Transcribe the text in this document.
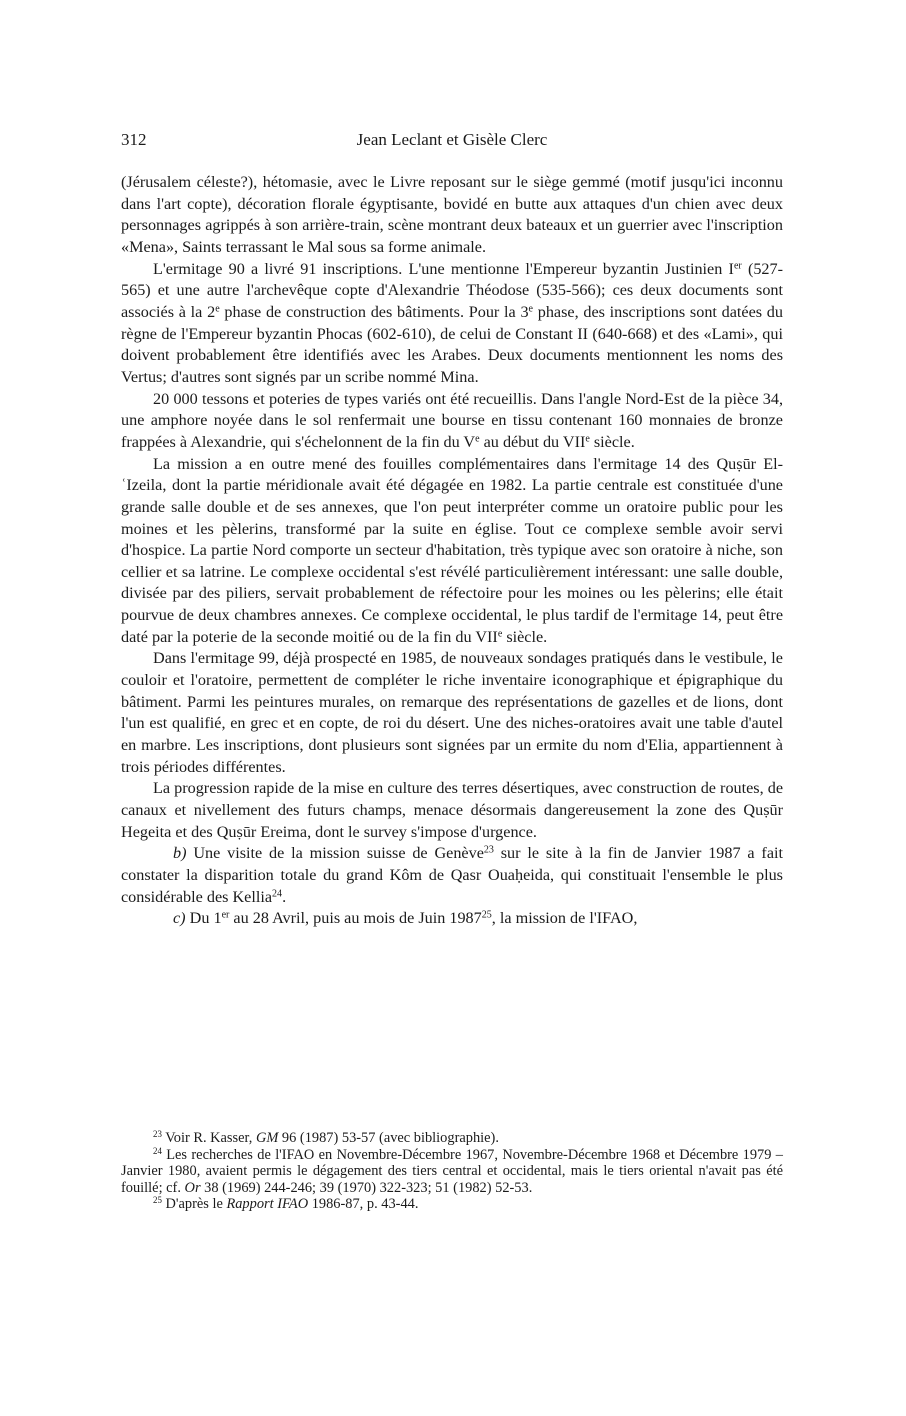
312	Jean Leclant et Gisèle Clerc

(Jérusalem céleste?), hétomasie, avec le Livre reposant sur le siège gemmé (motif jusqu'ici inconnu dans l'art copte), décoration florale égyptisante, bovidé en butte aux attaques d'un chien avec deux personnages agrippés à son arrière-train, scène montrant deux bateaux et un guerrier avec l'inscription «Mena», Saints terrassant le Mal sous sa forme animale.

L'ermitage 90 a livré 91 inscriptions. L'une mentionne l'Empereur byzantin Justinien Ier (527-565) et une autre l'archevêque copte d'Alexandrie Théodose (535-566); ces deux documents sont associés à la 2e phase de construction des bâtiments. Pour la 3e phase, des inscriptions sont datées du règne de l'Empereur byzantin Phocas (602-610), de celui de Constant II (640-668) et des «Lami», qui doivent probablement être identifiés avec les Arabes. Deux documents mentionnent les noms des Vertus; d'autres sont signés par un scribe nommé Mina.

20 000 tessons et poteries de types variés ont été recueillis. Dans l'angle Nord-Est de la pièce 34, une amphore noyée dans le sol renfermait une bourse en tissu contenant 160 monnaies de bronze frappées à Alexandrie, qui s'échelonnent de la fin du Ve au début du VIIe siècle.

La mission a en outre mené des fouilles complémentaires dans l'ermitage 14 des Quṣūr El-ʿIzeila, dont la partie méridionale avait été dégagée en 1982. La partie centrale est constituée d'une grande salle double et de ses annexes, que l'on peut interpréter comme un oratoire public pour les moines et les pèlerins, transformé par la suite en église. Tout ce complexe semble avoir servi d'hospice. La partie Nord comporte un secteur d'habitation, très typique avec son oratoire à niche, son cellier et sa latrine. Le complexe occidental s'est révélé particulièrement intéressant: une salle double, divisée par des piliers, servait probablement de réfectoire pour les moines ou les pèlerins; elle était pourvue de deux chambres annexes. Ce complexe occidental, le plus tardif de l'ermitage 14, peut être daté par la poterie de la seconde moitié ou de la fin du VIIe siècle.

Dans l'ermitage 99, déjà prospecté en 1985, de nouveaux sondages pratiqués dans le vestibule, le couloir et l'oratoire, permettent de compléter le riche inventaire iconographique et épigraphique du bâtiment. Parmi les peintures murales, on remarque des représentations de gazelles et de lions, dont l'un est qualifié, en grec et en copte, de roi du désert. Une des niches-oratoires avait une table d'autel en marbre. Les inscriptions, dont plusieurs sont signées par un ermite du nom d'Elia, appartiennent à trois périodes différentes.

La progression rapide de la mise en culture des terres désertiques, avec construction de routes, de canaux et nivellement des futurs champs, menace désormais dangereusement la zone des Quṣūr Hegeita et des Quṣūr Ereima, dont le survey s'impose d'urgence.

b) Une visite de la mission suisse de Genève$^{23}$ sur le site à la fin de Janvier 1987 a fait constater la disparition totale du grand Kôm de Qasr Ouaḥeida, qui constituait l'ensemble le plus considérable des Kellia$^{24}$.

c) Du 1er au 28 Avril, puis au mois de Juin 1987$^{25}$, la mission de l'IFAO,

$^{23}$ Voir R. Kasser, GM 96 (1987) 53-57 (avec bibliographie).

$^{24}$ Les recherches de l'IFAO en Novembre-Décembre 1967, Novembre-Décembre 1968 et Décembre 1979 – Janvier 1980, avaient permis le dégagement des tiers central et occidental, mais le tiers oriental n'avait pas été fouillé; cf. Or 38 (1969) 244-246; 39 (1970) 322-323; 51 (1982) 52-53.

$^{25}$ D'après le Rapport IFAO 1986-87, p. 43-44.
